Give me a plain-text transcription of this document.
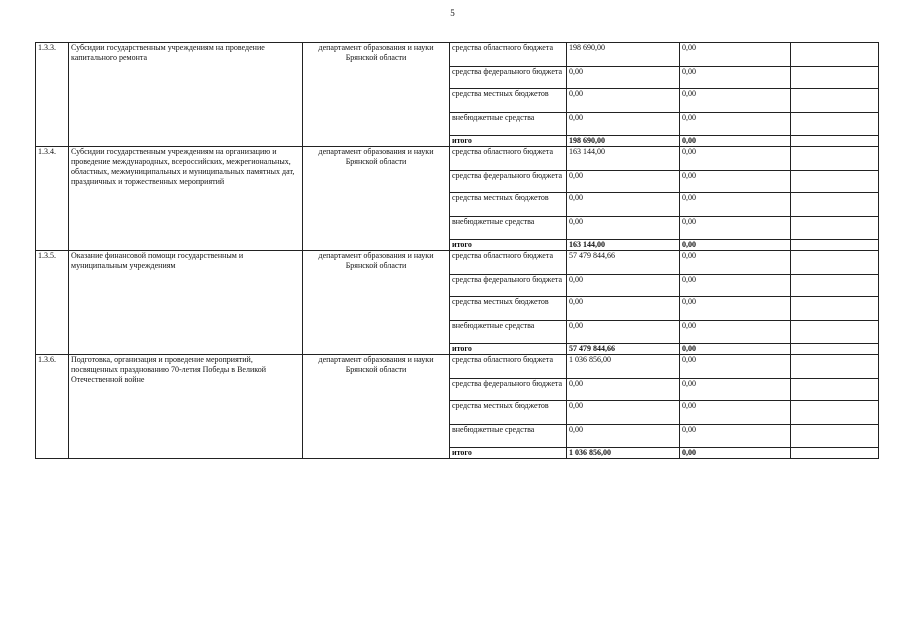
5
1.3.3.	Субсидии государственным учреждениям на проведение капитального ремонта	департамент образования и науки Брянской области	средства областного бюджета	198 690,00	0,00	
			средства федерального бюджета	0,00	0,00	
			средства местных бюджетов	0,00	0,00	
			внебюджетные средства	0,00	0,00	
			итого	198 690,00	0,00	
1.3.4.	Субсидии государственным учреждениям на организацию и проведение международных, всероссийских, межрегиональных, областных, межмуниципальных и муниципальных памятных дат, праздничных и торжественных мероприятий	департамент образования и науки Брянской области	средства областного бюджета	163 144,00	0,00	
			средства федерального бюджета	0,00	0,00	
			средства местных бюджетов	0,00	0,00	
			внебюджетные средства	0,00	0,00	
			итого	163 144,00	0,00	
1.3.5.	Оказание финансовой помощи государственным и муниципальным учреждениям	департамент образования и науки Брянской области	средства областного бюджета	57 479 844,66	0,00	
			средства федерального бюджета	0,00	0,00	
			средства местных бюджетов	0,00	0,00	
			внебюджетные средства	0,00	0,00	
			итого	57 479 844,66	0,00	
1.3.6.	Подготовка, организация и проведение мероприятий, посвященных празднованию 70-летия Победы в Великой Отечественной войне	департамент образования и науки Брянской области	средства областного бюджета	1 036 856,00	0,00	
			средства федерального бюджета	0,00	0,00	
			средства местных бюджетов	0,00	0,00	
			внебюджетные средства	0,00	0,00	
			итого	1 036 856,00	0,00	
